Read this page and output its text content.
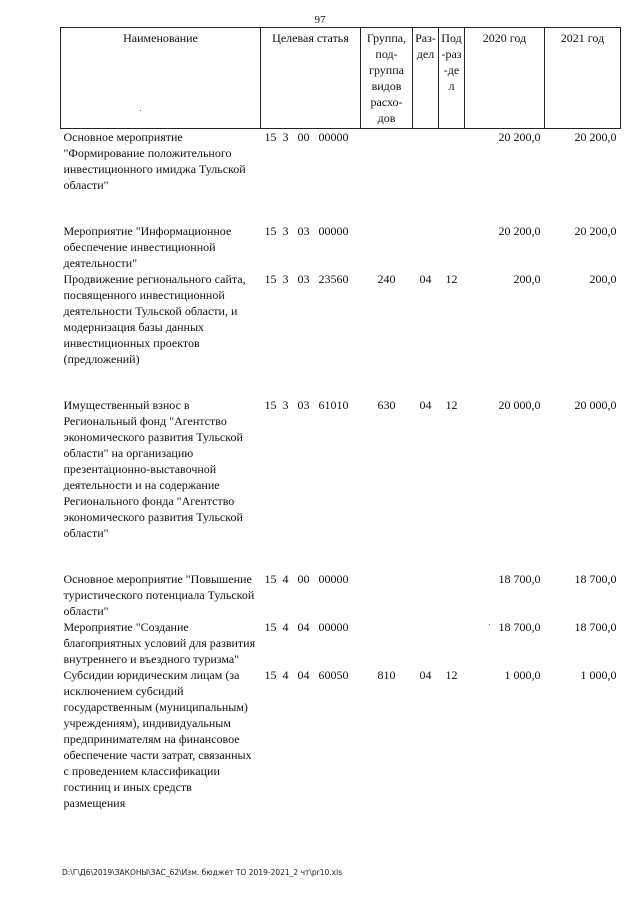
97
Наименование	Целевая статья	Группа, под-группа видов расхо-дов	Раз-дел	Под-раз-дел	2020 год	2021 год
Основное мероприятие "Формирование положительного инвестиционного имиджа Тульской области"	15  3   00   00000				20 200,0	20 200,0
Мероприятие "Информационное обеспечение инвестиционной деятельности"	15  3   03   00000				20 200,0	20 200,0
Продвижение регионального сайта, посвященного инвестиционной деятельности Тульской области, и модернизация базы данных инвестиционных проектов (предложений)	15  3   03   23560	240	04	12	200,0	200,0
Имущественный взнос в Региональный фонд "Агентство экономического развития Тульской области" на организацию презентационно-выставочной деятельности и на содержание Регионального фонда "Агентство экономического развития Тульской области"	15  3   03   61010	630	04	12	20 000,0	20 000,0
Основное мероприятие "Повышение туристического потенциала Тульской области"	15  4   00   00000				18 700,0	18 700,0
Мероприятие "Создание благоприятных условий для развития внутреннего и въездного туризма"	15  4   04   00000				18 700,0	18 700,0
Субсидии юридическим лицам (за исключением субсидий государственным (муниципальным) учреждениям), индивидуальным предпринимателям на финансовое обеспечение части затрат, связанных с проведением классификации гостиниц и иных средств размещения	15  4   04   60050	810	04	12	1 000,0	1 000,0
D:\Г\Д6\2019\ЗАКОНЫ\ЗАС_62\Изм. бюджет ТО 2019-2021_2 чт\pr10.xls
